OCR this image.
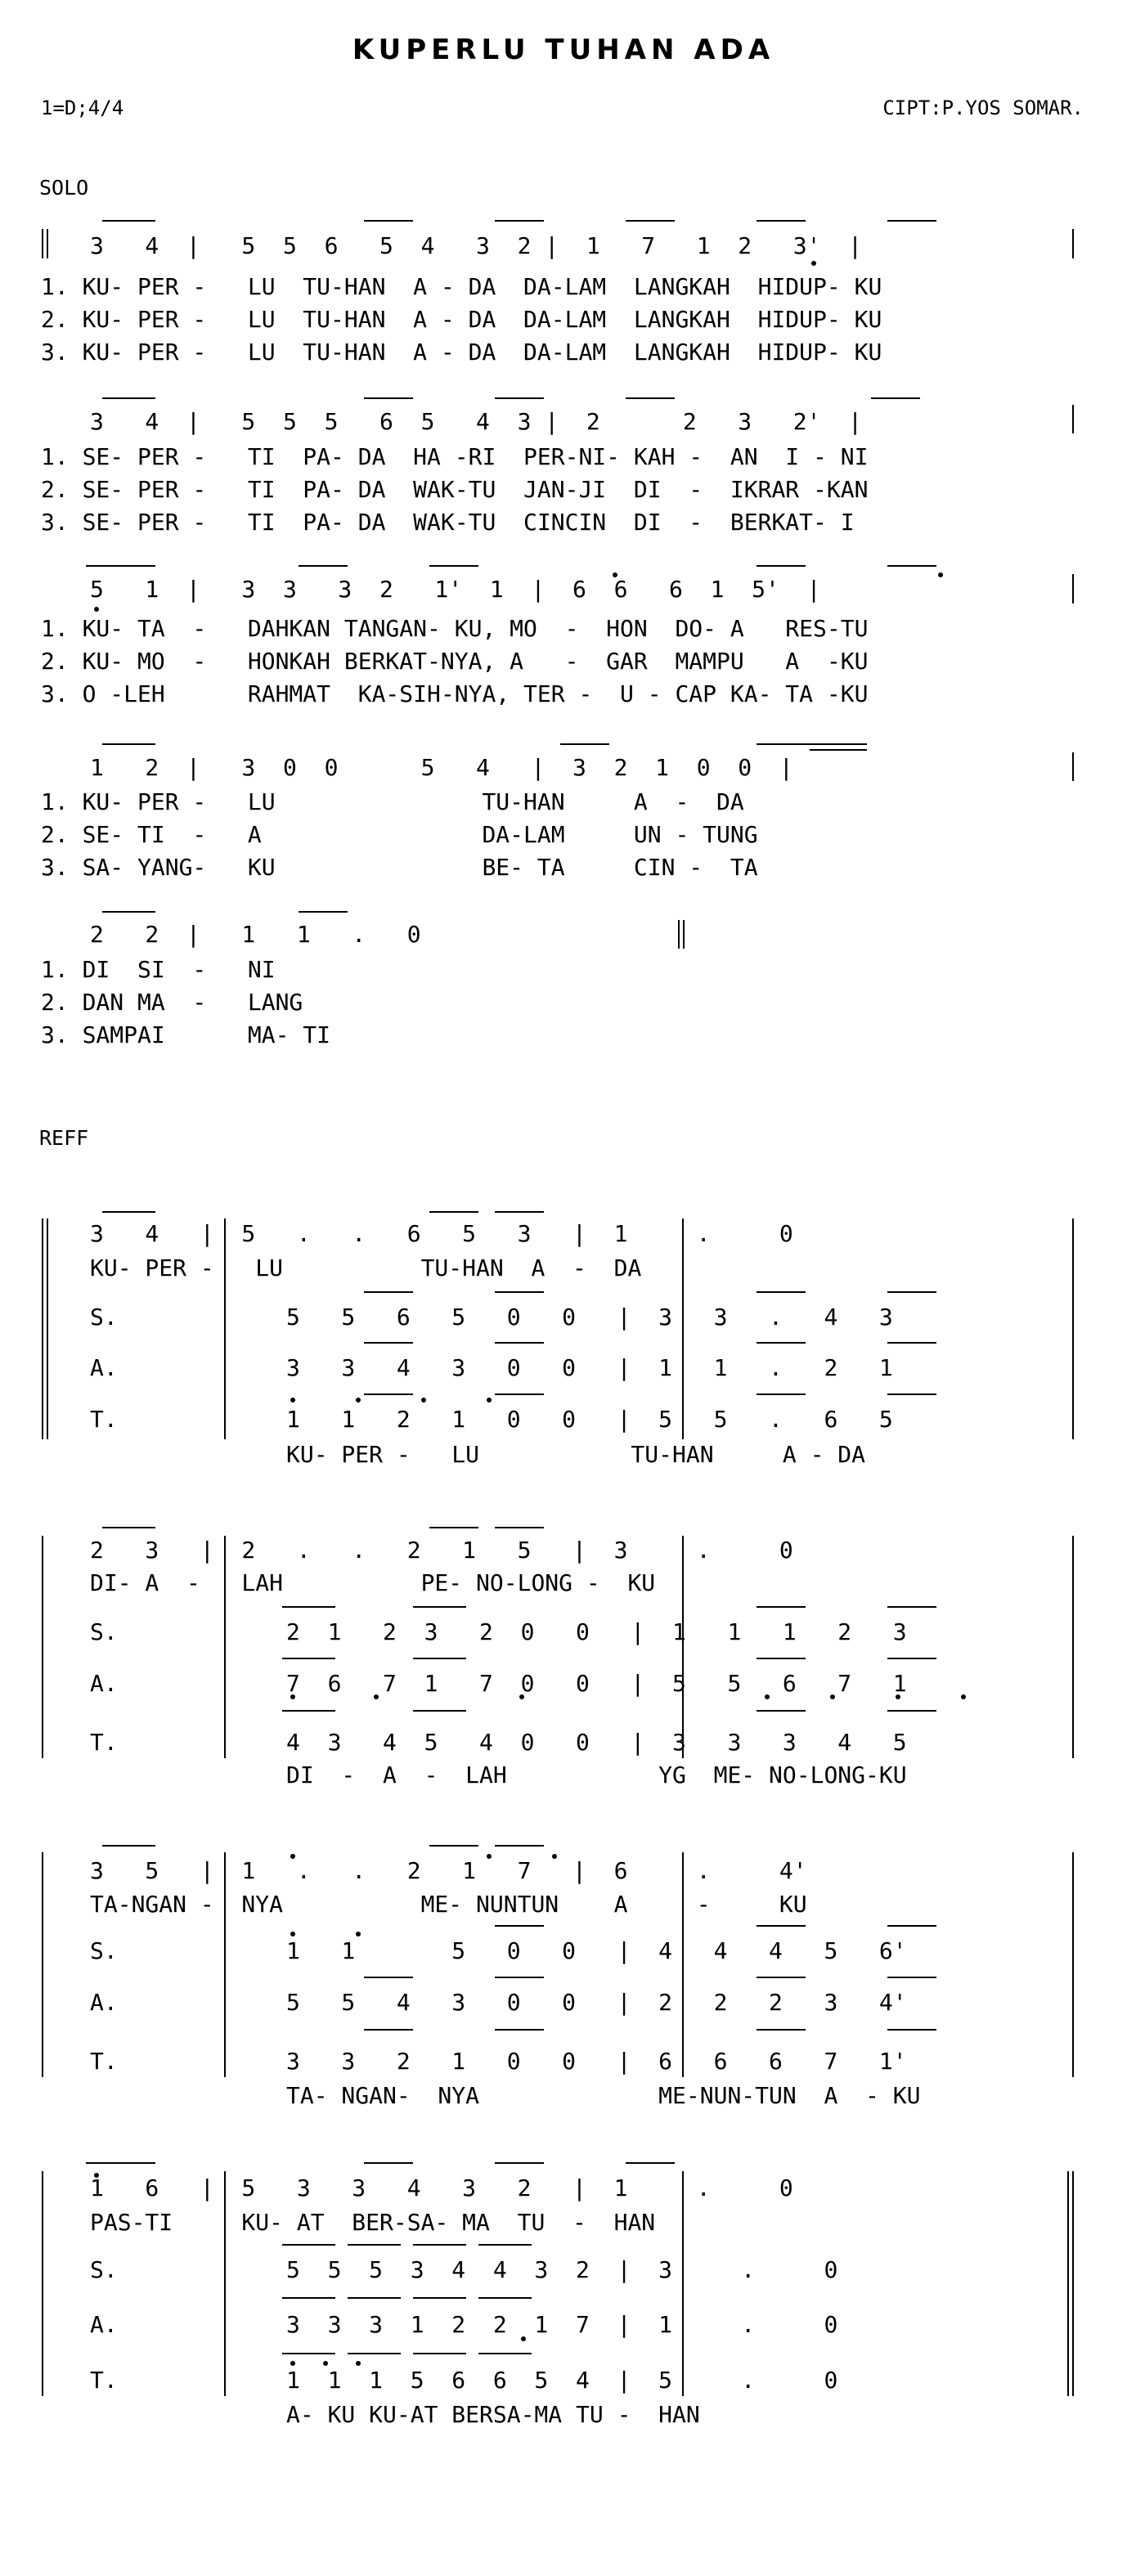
KUPERLU TUHAN ADA
1=D;4/4	CIPT:P.YOS SOMAR.
SOLO
3   4  |   5  5  6   5  4   3  2 |  1   7   1  2   3'  |
1. KU- PER -   LU  TU-HAN  A - DA  DA-LAM  LANGKAH  HIDUP- KU
2. KU- PER -   LU  TU-HAN  A - DA  DA-LAM  LANGKAH  HIDUP- KU
3. KU- PER -   LU  TU-HAN  A - DA  DA-LAM  LANGKAH  HIDUP- KU
3   4  |   5  5  5   6  5   4  3 |  2      2   3   2'  |
1. SE- PER -   TI  PA- DA  HA -RI  PER-NI- KAH -  AN  I - NI
2. SE- PER -   TI  PA- DA  WAK-TU  JAN-JI  DI  -  IKRAR -KAN
3. SE- PER -   TI  PA- DA  WAK-TU  CINCIN  DI  -  BERKAT- I
5   1  |   3  3   3  2   1'  1  |  6  6   6  1  5'  |
1. KU- TA  -   DAHKAN TANGAN- KU, MO  -  HON  DO- A   RES-TU
2. KU- MO  -   HONKAH BERKAT-NYA, A   -  GAR  MAMPU   A  -KU
3. O -LEH      RAHMAT  KA-SIH-NYA, TER -  U - CAP KA- TA -KU
1   2  |   3  0  0      5   4   |  3  2  1  0  0  |
1. KU- PER -   LU               TU-HAN     A  -  DA
2. SE- TI  -   A                DA-LAM     UN - TUNG
3. SA- YANG-   KU               BE- TA     CIN -  TA
2   2  |   1   1   .   0
1. DI  SI  -   NI
2. DAN MA  -   LANG
3. SAMPAI      MA- TI
REFF
3   4   |  5   .   .   6   5   3   |  1     .     0
KU- PER -   LU          TU-HAN  A  -  DA
S.	5   5   6   5   0   0   |  3   3   .   4   3
A.	3   3   4   3   0   0   |  1   1   .   2   1
T.	1   1   2   1   0   0   |  5   5   .   6   5
KU- PER -   LU           TU-HAN     A - DA
2   3   |  2   .   .   2   1   5   |  3     .     0
DI- A  -   LAH          PE- NO-LONG -  KU
S.	2  1   2  3   2  0   0   |  1   1   1   2   3
A.	7  6   7  1   7  0   0   |  5   5   6   7   1
T.	4  3   4  5   4  0   0   |  3   3   3   4   5
DI  -  A  -  LAH           YG  ME- NO-LONG-KU
3   5   |  1   .   .   2   1   7   |  6     .     4'
TA-NGAN -  NYA          ME- NUNTUN    A     -     KU
S.	1   1       5   0   0   |  4   4   4   5   6'
A.	5   5   4   3   0   0   |  2   2   2   3   4'
T.	3   3   2   1   0   0   |  6   6   6   7   1'
TA- NGAN-  NYA             ME-NUN-TUN  A  - KU
1   6   |  5   3   3   4   3   2   |  1     .     0
PAS-TI     KU- AT  BER-SA- MA  TU  -  HAN
S.	5  5  5  3  4  4  3  2  |  3     .     0
A.	3  3  3  1  2  2  1  7  |  1     .     0
T.	1  1  1  5  6  6  5  4  |  5     .     0
A- KU KU-AT BERSA-MA TU -  HAN
